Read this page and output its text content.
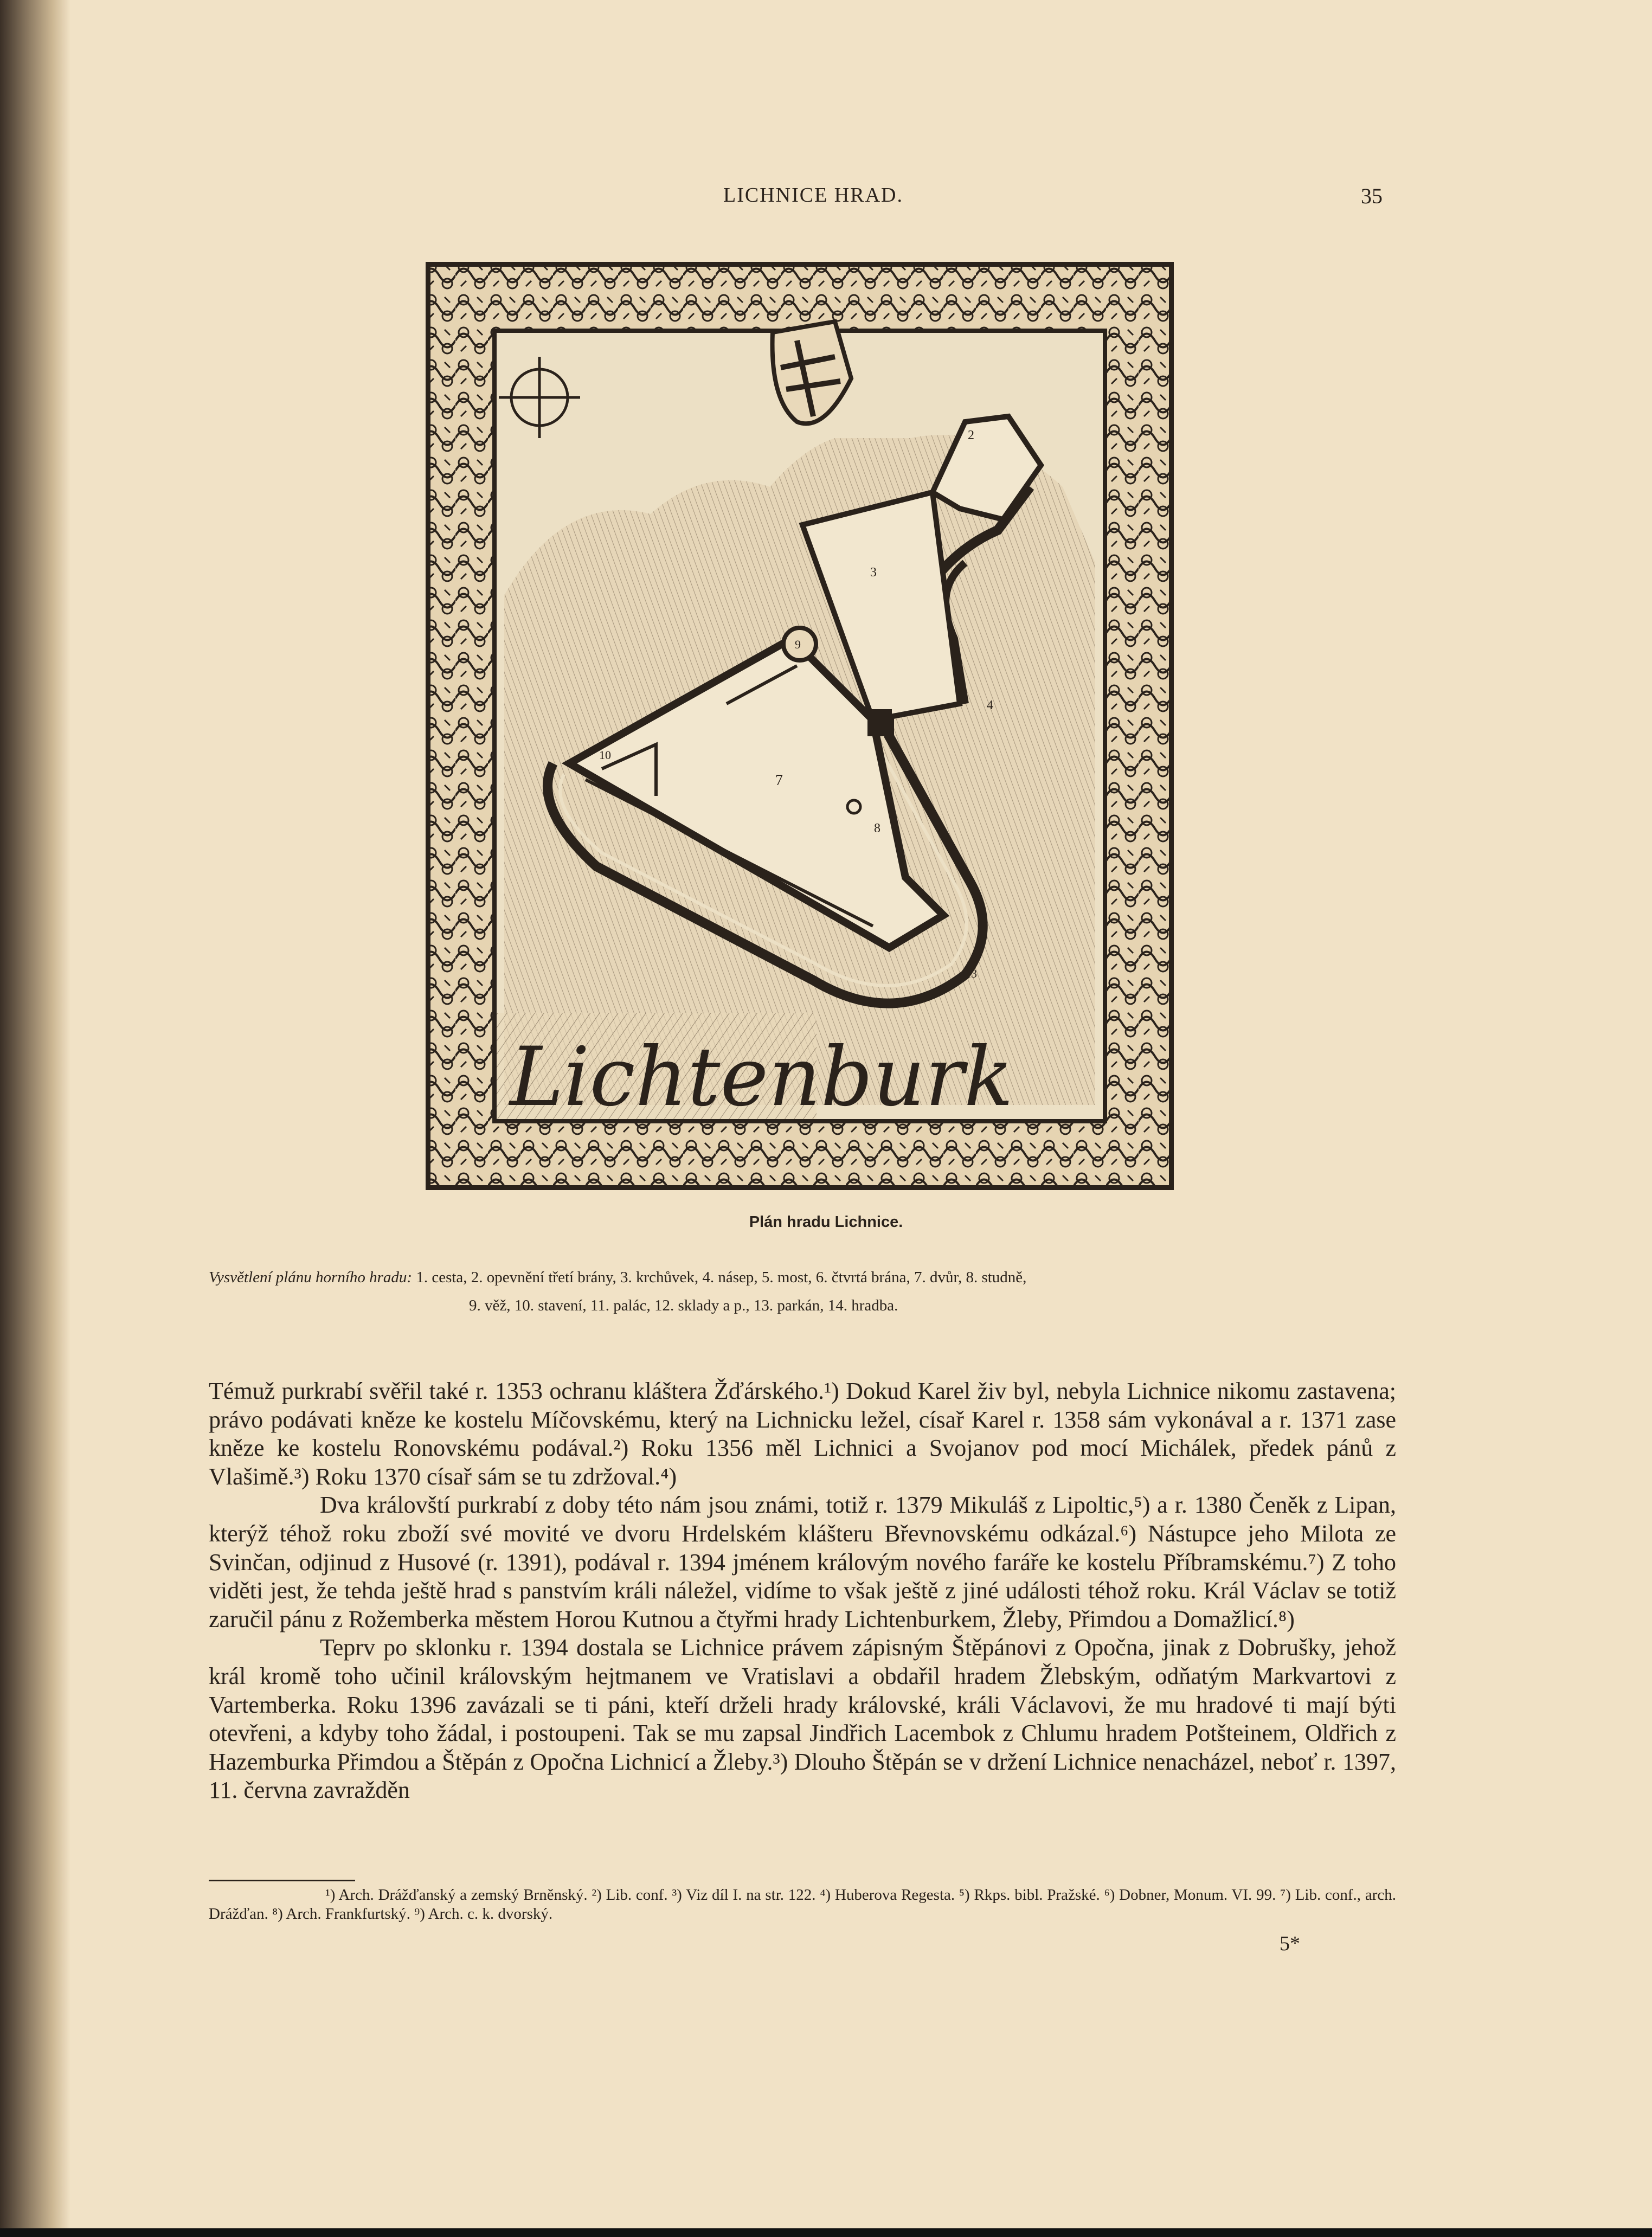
LICHNICE HRAD.	35
2
3
4
7
8
9
10
13
Lichtenburk
Plán hradu Lichnice.
Vysvětlení plánu horního hradu: 1. cesta, 2. opevnění třetí brány, 3. krchůvek, 4. násep, 5. most, 6. čtvrtá brána, 7. dvůr, 8. studně,
9. věž, 10. stavení, 11. palác, 12. sklady a p., 13. parkán, 14. hradba.

Témuž purkrabí svěřil také r. 1353 ochranu kláštera Žďárského.¹) Dokud Karel živ byl, nebyla Lichnice nikomu zastavena; právo podávati kněze ke kostelu Míčovskému, který na Lichnicku ležel, císař Karel r. 1358 sám vykonával a r. 1371 zase kněze ke kostelu Ronovskému podával.²) Roku 1356 měl Lichnici a Svojanov pod mocí Michálek, předek pánů z Vlašimě.³) Roku 1370 císař sám se tu zdržoval.⁴)

Dva královští purkrabí z doby této nám jsou známi, totiž r. 1379 Mikuláš z Lipoltic,⁵) a r. 1380 Čeněk z Lipan, kterýž téhož roku zboží své movité ve dvoru Hrdelském klášteru Břevnovskému odkázal.⁶) Nástupce jeho Milota ze Svinčan, odjinud z Husové (r. 1391), podával r. 1394 jménem královým nového faráře ke kostelu Příbramskému.⁷) Z toho viděti jest, že tehda ještě hrad s panstvím králi náležel, vidíme to však ještě z jiné události téhož roku. Král Václav se totiž zaručil pánu z Rožemberka městem Horou Kutnou a čtyřmi hrady Lichtenburkem, Žleby, Přimdou a Domažlicí.⁸)

Teprv po sklonku r. 1394 dostala se Lichnice právem zápisným Štěpánovi z Opočna, jinak z Dobrušky, jehož král kromě toho učinil královským hejtmanem ve Vratislavi a obdařil hradem Žlebským, odňatým Markvartovi z Vartemberka. Roku 1396 zavázali se ti páni, kteří drželi hrady královské, králi Václavovi, že mu hradové ti mají býti otevřeni, a kdyby toho žádal, i postoupeni. Tak se mu zapsal Jindřich Lacembok z Chlumu hradem Potšteinem, Oldřich z Hazemburka Přimdou a Štěpán z Opočna Lichnicí a Žleby.³) Dlouho Štěpán se v držení Lichnice nenacházel, neboť r. 1397, 11. června zavražděn

¹) Arch. Drážďanský a zemský Brněnský. ²) Lib. conf. ³) Viz díl I. na str. 122. ⁴) Huberova Regesta. ⁵) Rkps. bibl. Pražské. ⁶) Dobner, Monum. VI. 99. ⁷) Lib. conf., arch. Drážďan. ⁸) Arch. Frankfurtský. ⁹) Arch. c. k. dvorský.

5*
